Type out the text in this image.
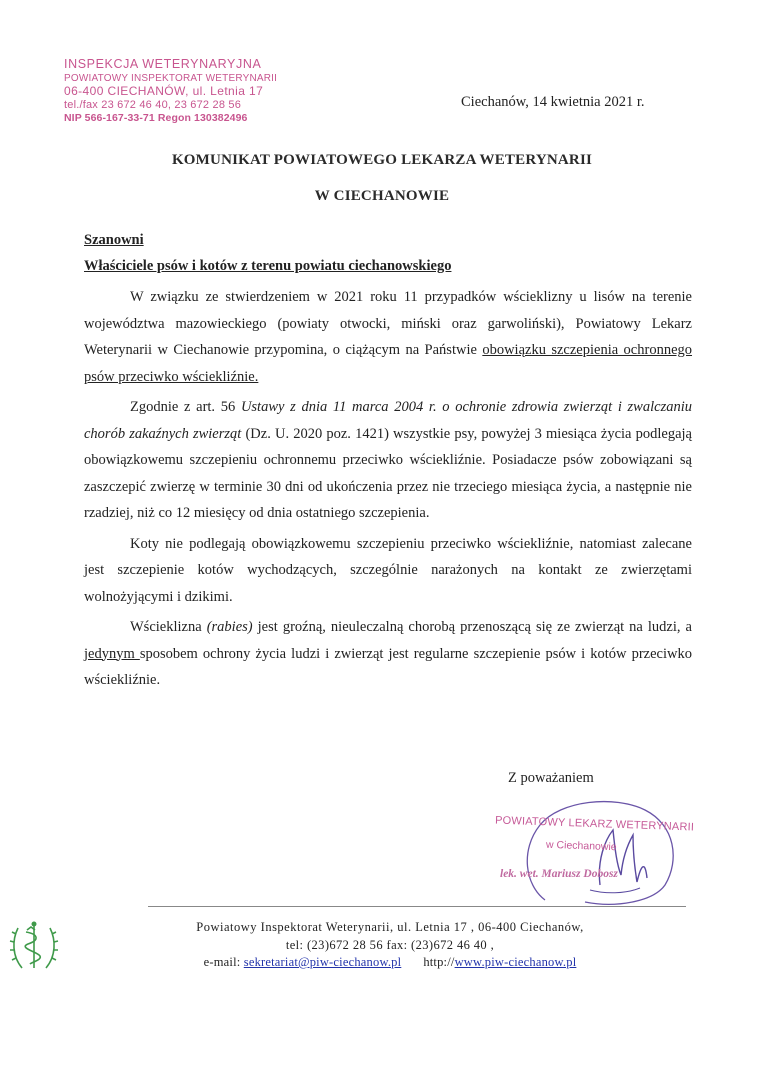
INSPEKCJA WETERYNARYJNA
POWIATOWY INSPEKTORAT WETERYNARII
06-400 CIECHANÓW, ul. Letnia 17
tel./fax 23 672 46 40, 23 672 28 56
NIP 566-167-33-71 Regon 130382496
Ciechanów, 14 kwietnia 2021 r.
KOMUNIKAT POWIATOWEGO LEKARZA WETERYNARII
W CIECHANOWIE
Szanowni
Właściciele psów i kotów z terenu powiatu ciechanowskiego

W związku ze stwierdzeniem w 2021 roku 11 przypadków wścieklizny u lisów na terenie województwa mazowieckiego (powiaty otwocki, miński oraz garwoliński), Powiatowy Lekarz Weterynarii w Ciechanowie przypomina, o ciążącym na Państwie obowiązku szczepienia ochronnego psów przeciwko wściekliźnie.

Zgodnie z art. 56 Ustawy z dnia 11 marca 2004 r. o ochronie zdrowia zwierząt i zwalczaniu chorób zakaźnych zwierząt (Dz. U. 2020 poz. 1421) wszystkie psy, powyżej 3 miesiąca życia podlegają obowiązkowemu szczepieniu ochronnemu przeciwko wściekliźnie. Posiadacze psów zobowiązani są zaszczepić zwierzę w terminie 30 dni od ukończenia przez nie trzeciego miesiąca życia, a następnie nie rzadziej, niż co 12 miesięcy od dnia ostatniego szczepienia.

Koty nie podlegają obowiązkowemu szczepieniu przeciwko wściekliźnie, natomiast zalecane jest szczepienie kotów wychodzących, szczególnie narażonych na kontakt ze zwierzętami wolnożyjącymi i dzikimi.

Wścieklizna (rabies) jest groźną, nieuleczalną chorobą przenoszącą się ze zwierząt na ludzi, a jedynym sposobem ochrony życia ludzi i zwierząt jest regularne szczepienie psów i kotów przeciwko wściekliźnie.

Z poważaniem
POWIATOWY LEKARZ WETERYNARII
w Ciechanowie
lek. wet. Mariusz Dobosz
Powiatowy Inspektorat Weterynarii, ul. Letnia 17 , 06-400 Ciechanów,
tel: (23)672 28 56 fax: (23)672 46 40 ,
e-mail: sekretariat@piw-ciechanow.pl http://www.piw-ciechanow.pl
